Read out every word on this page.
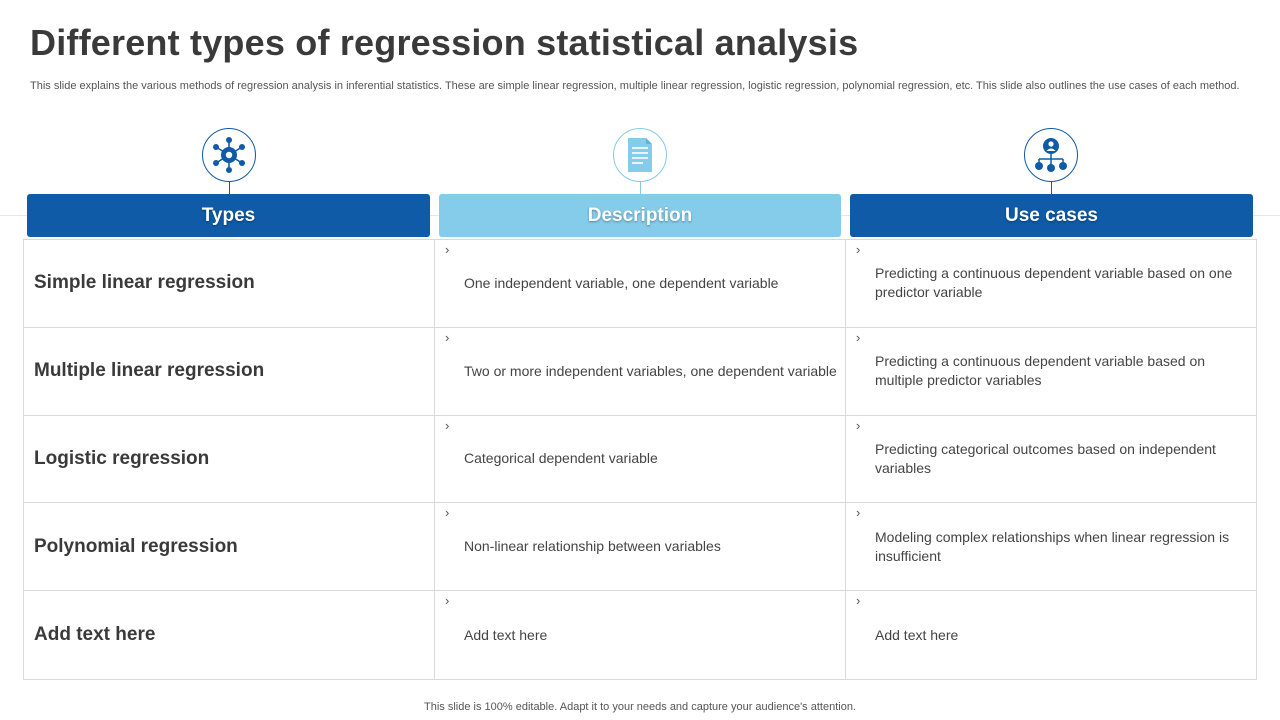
Different types of regression statistical analysis
This slide explains the various methods of regression analysis in inferential statistics. These are simple linear regression, multiple linear regression, logistic regression, polynomial regression, etc. This slide also outlines the use cases of each method.
Types	Description	Use cases
Simple linear regression
›
One independent variable, one dependent variable
›
Predicting a continuous dependent variable based on one predictor variable
Multiple linear regression
›
Two or more independent variables, one dependent variable
›
Predicting a continuous dependent variable based on multiple predictor variables
Logistic regression
›
Categorical dependent variable
›
Predicting categorical outcomes based on independent variables
Polynomial regression
›
Non-linear relationship between variables
›
Modeling complex relationships when linear regression is insufficient
Add text here
›
Add text here
›
Add text here
This slide is 100% editable. Adapt it to your needs and capture your audience's attention.
